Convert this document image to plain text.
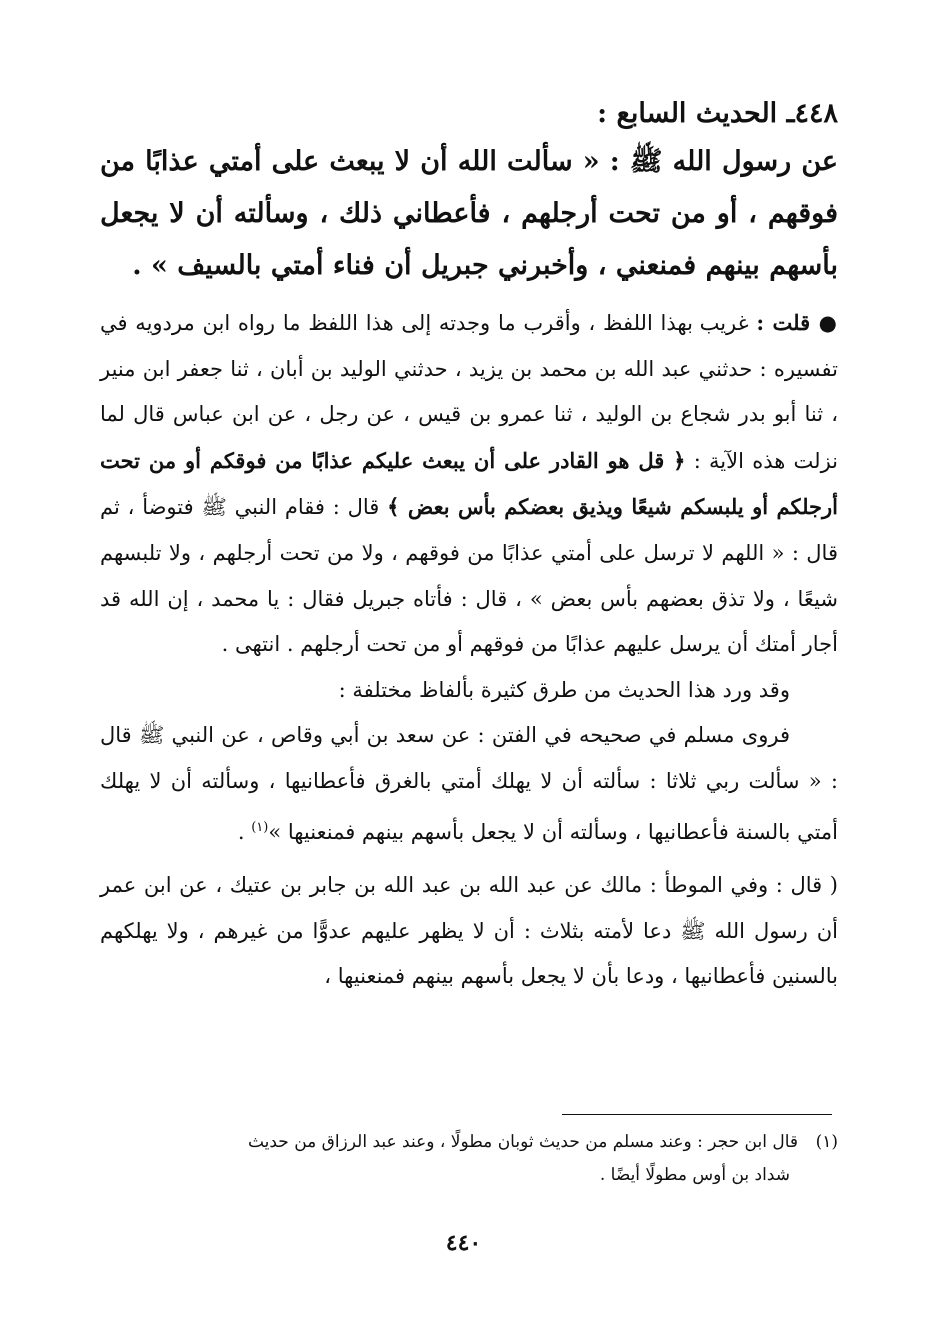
٤٤٨ـ الحديث السابع :

عن رسول الله ﷺ : « سألت الله أن لا يبعث على أمتي عذابًا من فوقهم ، أو من تحت أرجلهم ، فأعطاني ذلك ، وسألته أن لا يجعل بأسهم بينهم فمنعني ، وأخبرني جبريل أن فناء أمتي بالسيف » .

● قلت : غريب بهذا اللفظ ، وأقرب ما وجدته إلى هذا اللفظ ما رواه ابن مردويه في تفسيره : حدثني عبد الله بن محمد بن يزيد ، حدثني الوليد بن أبان ، ثنا جعفر ابن منير ، ثنا أبو بدر شجاع بن الوليد ، ثنا عمرو بن قيس ، عن رجل ، عن ابن عباس قال لما نزلت هذه الآية : ﴿ قل هو القادر على أن يبعث عليكم عذابًا من فوقكم أو من تحت أرجلكم أو يلبسكم شيعًا ويذيق بعضكم بأس بعض ﴾ قال : فقام النبي ﷺ فتوضأ ، ثم قال : « اللهم لا ترسل على أمتي عذابًا من فوقهم ، ولا من تحت أرجلهم ، ولا تلبسهم شيعًا ، ولا تذق بعضهم بأس بعض » ، قال : فأتاه جبريل فقال : يا محمد ، إن الله قد أجار أمتك أن يرسل عليهم عذابًا من فوقهم أو من تحت أرجلهم . انتهى .

وقد ورد هذا الحديث من طرق كثيرة بألفاظ مختلفة :

فروى مسلم في صحيحه في الفتن : عن سعد بن أبي وقاص ، عن النبي ﷺ قال : « سألت ربي ثلاثا : سألته أن لا يهلك أمتي بالغرق فأعطانيها ، وسألته أن لا يهلك أمتي بالسنة فأعطانيها ، وسألته أن لا يجعل بأسهم بينهم فمنعنيها »$^{(١)}$ .

( قال : وفي الموطأ : مالك عن عبد الله بن عبد الله بن جابر بن عتيك ، عن ابن عمر أن رسول الله ﷺ دعا لأمته بثلاث : أن لا يظهر عليهم عدوًّا من غيرهم ، ولا يهلكهم بالسنين فأعطانيها ، ودعا بأن لا يجعل بأسهم بينهم فمنعنيها ،

(١)قال ابن حجر : وعند مسلم من حديث ثوبان مطولًا ، وعند عبد الرزاق من حديث
شداد بن أوس مطولًا أيضًا .
٤٤٠
